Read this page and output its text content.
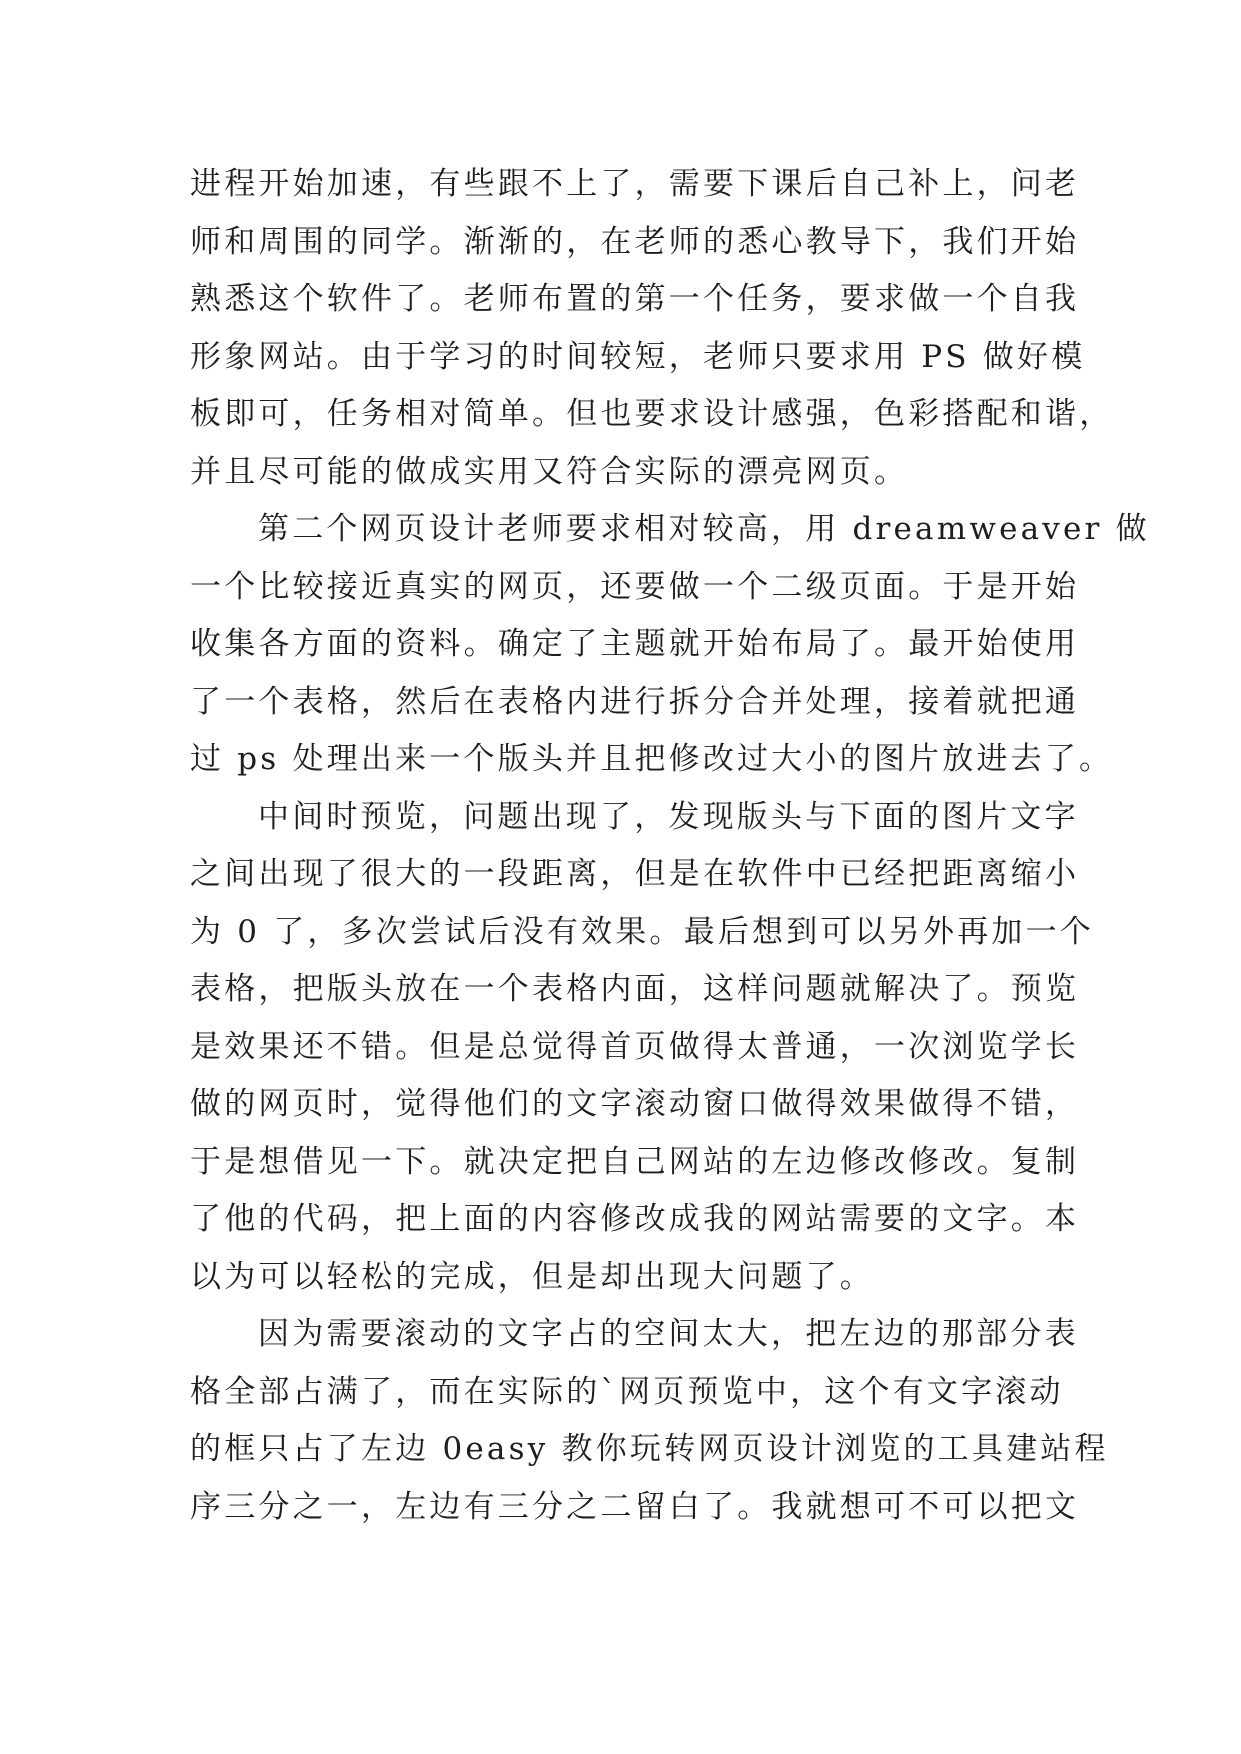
进程开始加速，有些跟不上了，需要下课后自己补上，问老
师和周围的同学。渐渐的，在老师的悉心教导下，我们开始
熟悉这个软件了。老师布置的第一个任务，要求做一个自我
形象网站。由于学习的时间较短，老师只要求用 PS 做好模
板即可，任务相对简单。但也要求设计感强，色彩搭配和谐，
并且尽可能的做成实用又符合实际的漂亮网页。
第二个网页设计老师要求相对较高，用 dreamweaver 做
一个比较接近真实的网页，还要做一个二级页面。于是开始
收集各方面的资料。确定了主题就开始布局了。最开始使用
了一个表格，然后在表格内进行拆分合并处理，接着就把通
过 ps 处理出来一个版头并且把修改过大小的图片放进去了。
中间时预览，问题出现了，发现版头与下面的图片文字
之间出现了很大的一段距离，但是在软件中已经把距离缩小
为 0 了，多次尝试后没有效果。最后想到可以另外再加一个
表格，把版头放在一个表格内面，这样问题就解决了。预览
是效果还不错。但是总觉得首页做得太普通，一次浏览学长
做的网页时，觉得他们的文字滚动窗口做得效果做得不错，
于是想借见一下。就决定把自己网站的左边修改修改。复制
了他的代码，把上面的内容修改成我的网站需要的文字。本
以为可以轻松的完成，但是却出现大问题了。
因为需要滚动的文字占的空间太大，把左边的那部分表
格全部占满了，而在实际的`网页预览中，这个有文字滚动
的框只占了左边 0easy 教你玩转网页设计浏览的工具建站程
序三分之一，左边有三分之二留白了。我就想可不可以把文
